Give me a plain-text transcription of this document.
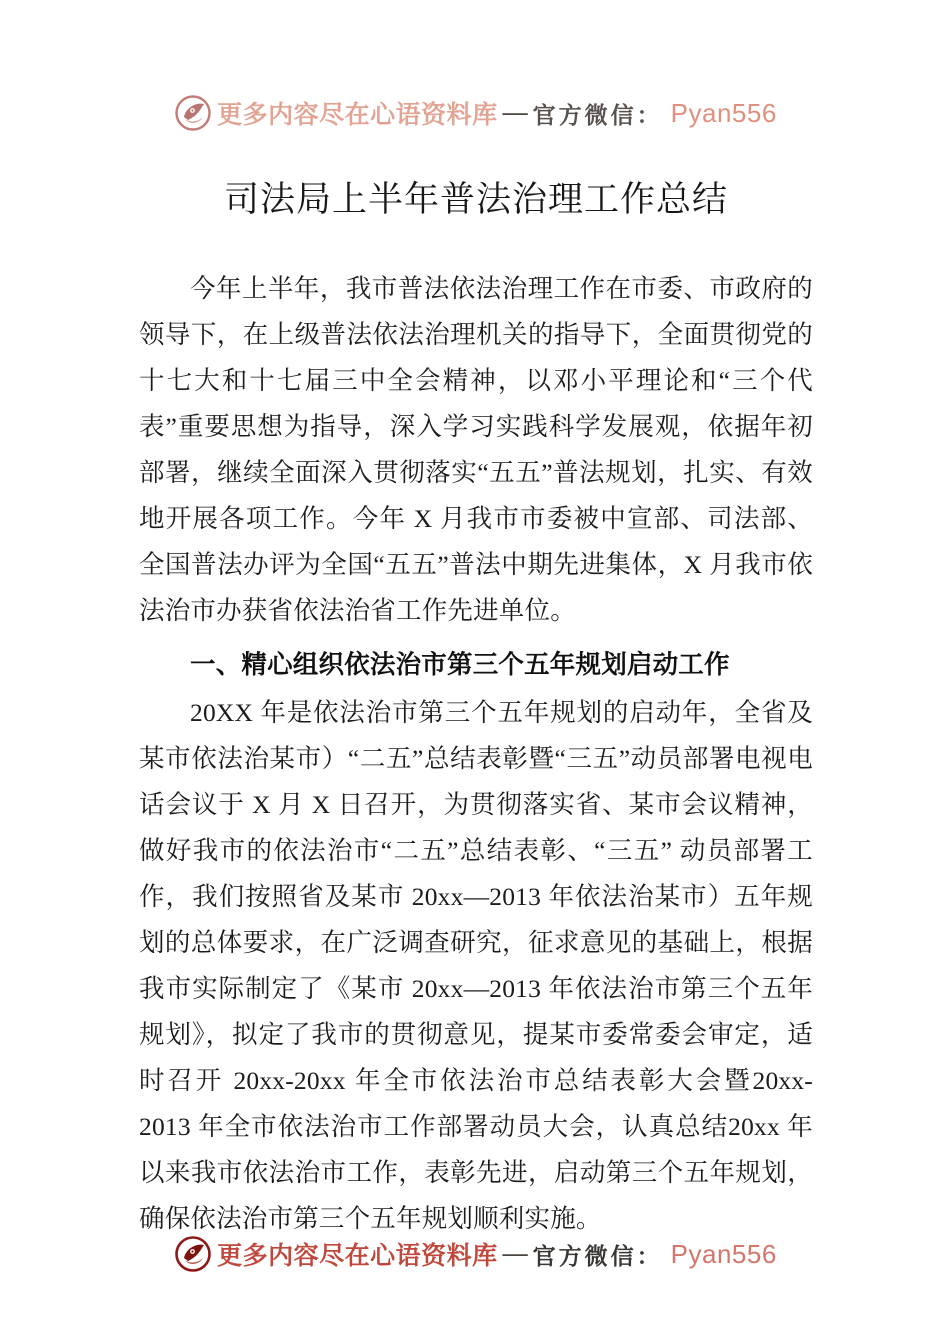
更多内容尽在心语资料库 — 官方微信： Pyan556
司法局上半年普法治理工作总结

今年上半年，我市普法依法治理工作在市委、市政府的领导下，在上级普法依法治理机关的指导下，全面贯彻党的十七大和十七届三中全会精神，以邓小平理论和“三个代表”重要思想为指导，深入学习实践科学发展观，依据年初部署，继续全面深入贯彻落实“五五”普法规划，扎实、有效地开展各项工作。今年 X 月我市市委被中宣部、司法部、全国普法办评为全国“五五”普法中期先进集体，X 月我市依法治市办获省依法治省工作先进单位。

一、精心组织依法治市第三个五年规划启动工作

20XX 年是依法治市第三个五年规划的启动年，全省及某市依法治某市）“二五”总结表彰暨“三五”动员部署电视电话会议于 X 月 X 日召开，为贯彻落实省、某市会议精神，做好我市的依法治市“二五”总结表彰、“三五” 动员部署工作，我们按照省及某市 20xx—2013 年依法治某市）五年规划的总体要求，在广泛调查研究，征求意见的基础上，根据我市实际制定了《某市 20xx—2013 年依法治市第三个五年规划》，拟定了我市的贯彻意见，提某市委常委会审定，适时召开 20xx-20xx 年全市依法治市总结表彰大会暨20xx-2013 年全市依法治市工作部署动员大会，认真总结20xx 年以来我市依法治市工作，表彰先进，启动第三个五年规划，确保依法治市第三个五年规划顺利实施。

更多内容尽在心语资料库 — 官方微信： Pyan556
